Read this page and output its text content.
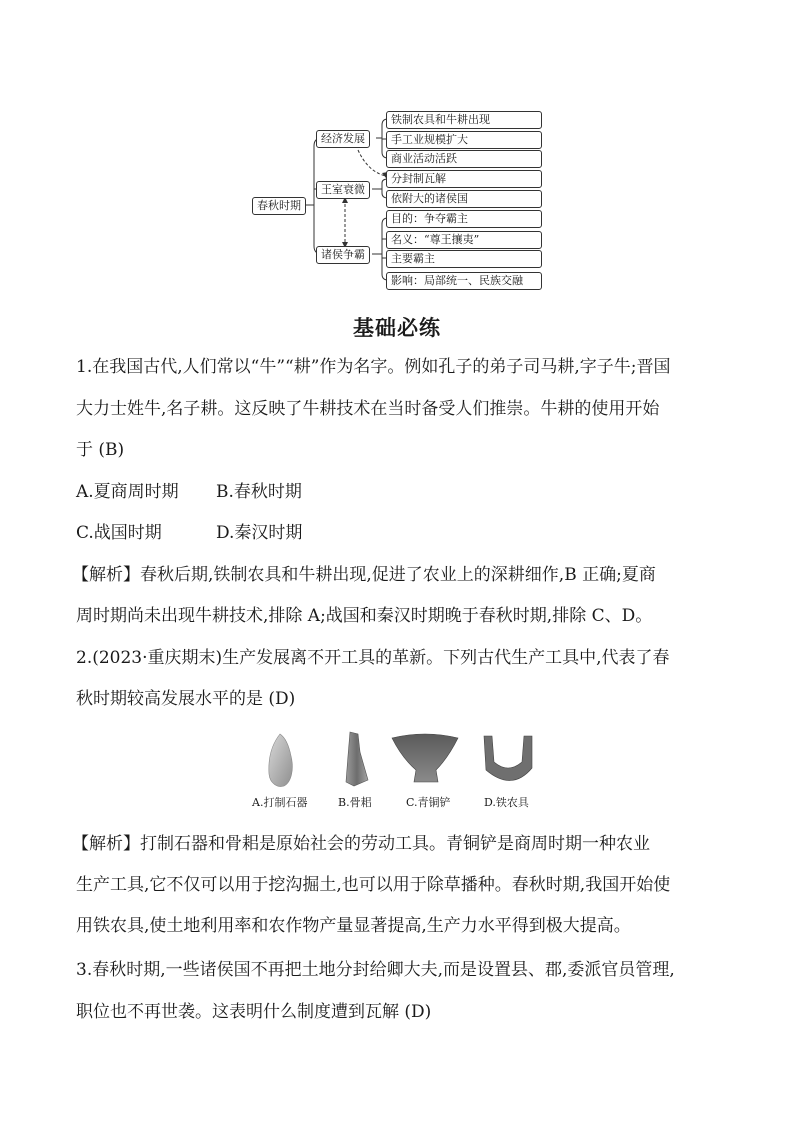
春秋时期
经济发展
王室衰微
诸侯争霸
铁制农具和牛耕出现
手工业规模扩大
商业活动活跃
分封制瓦解
依附大的诸侯国
目的：争夺霸主
名义：“尊王攘夷”
主要霸主
影响：局部统一、民族交融
基础必练
1.在我国古代,人们常以“牛”“耕”作为名字。例如孔子的弟子司马耕,字子牛;晋国
大力士姓牛,名子耕。这反映了牛耕技术在当时备受人们推崇。牛耕的使用开始
于 (B)
A.夏商周时期 B.春秋时期
C.战国时期	D.秦汉时期
【解析】春秋后期,铁制农具和牛耕出现,促进了农业上的深耕细作,B 正确;夏商
周时期尚未出现牛耕技术,排除 A;战国和秦汉时期晚于春秋时期,排除 C、D。
2.(2023·重庆期末)生产发展离不开工具的革新。下列古代生产工具中,代表了春
秋时期较高发展水平的是 (D)
A.打制石器	B.骨耜	C.青铜铲	D.铁农具
【解析】打制石器和骨耜是原始社会的劳动工具。青铜铲是商周时期一种农业
生产工具,它不仅可以用于挖沟掘土,也可以用于除草播种。春秋时期,我国开始使
用铁农具,使土地利用率和农作物产量显著提高,生产力水平得到极大提高。
3.春秋时期,一些诸侯国不再把土地分封给卿大夫,而是设置县、郡,委派官员管理,
职位也不再世袭。这表明什么制度遭到瓦解 (D)
